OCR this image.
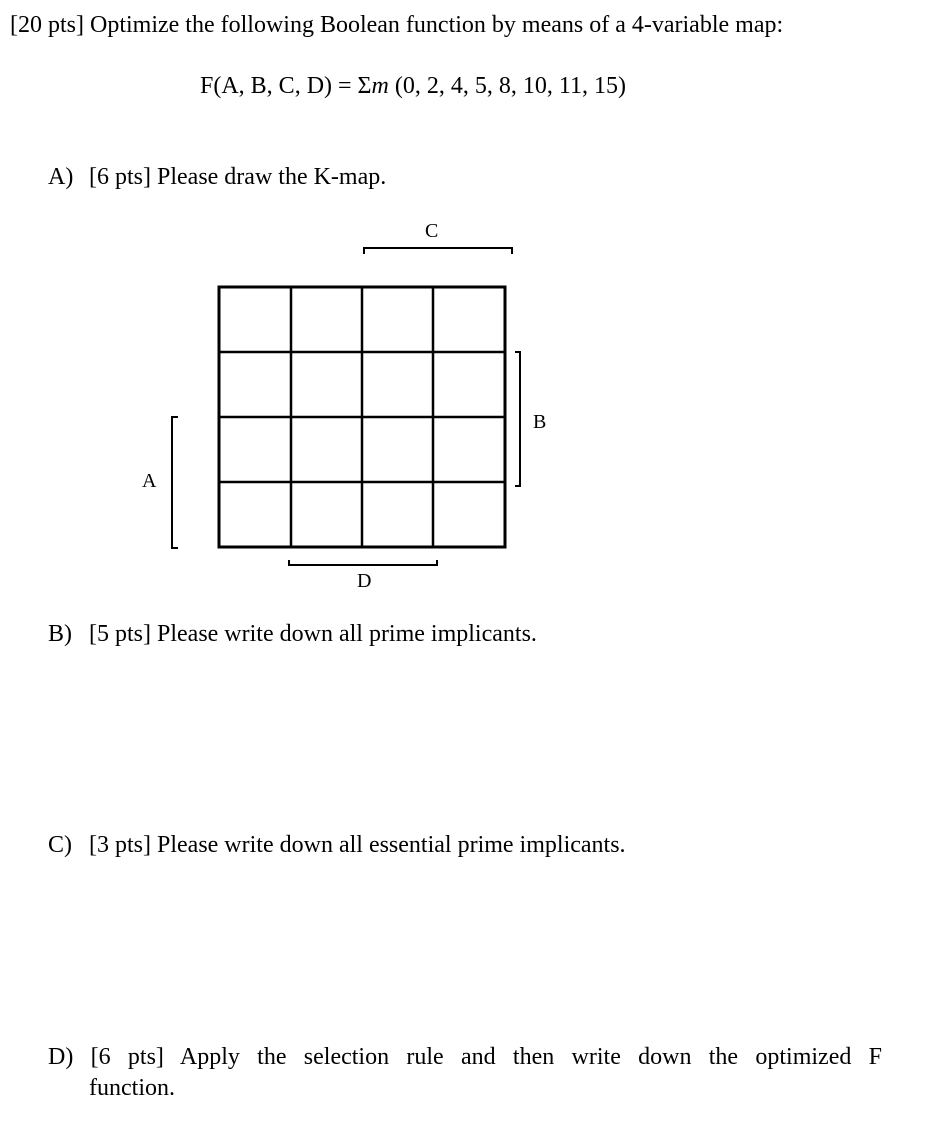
[20 pts] Optimize the following Boolean function by means of a 4-variable map:
F(A, B, C, D) = Σm (0, 2, 4, 5, 8, 10, 11, 15)
A) [6 pts] Please draw the K-map.
C
B
A
D
B) [5 pts] Please write down all prime implicants.
C) [3 pts] Please write down all essential prime implicants.
D) [6 pts] Apply the selection rule and then write down the optimized F
function.
